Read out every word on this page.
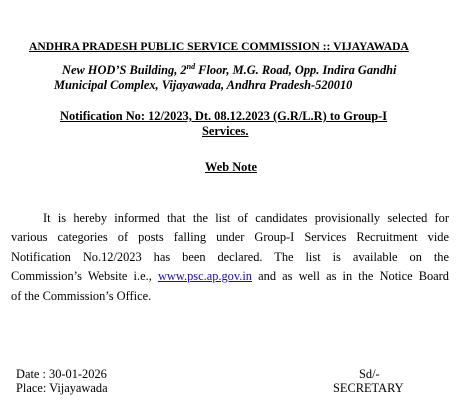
ANDHRA PRADESH PUBLIC SERVICE COMMISSION :: VIJAYAWADA
New HOD’S Building, 2nd Floor, M.G. Road, Opp. Indira Gandhi
Municipal Complex, Vijayawada, Andhra Pradesh-520010
Notification No: 12/2023, Dt. 08.12.2023 (G.R/L.R) to Group-I
Services.
Web Note
It is hereby informed that the list of candidates provisionally selected for
various categories of posts falling under Group-I Services Recruitment vide
Notification No.12/2023 has been declared. The list is available on the
Commission’s Website i.e., www.psc.ap.gov.in and as well as in the Notice Board
of the Commission’s Office.
Date : 30-01-2026
Place: Vijayawada
Sd/-
SECRETARY
